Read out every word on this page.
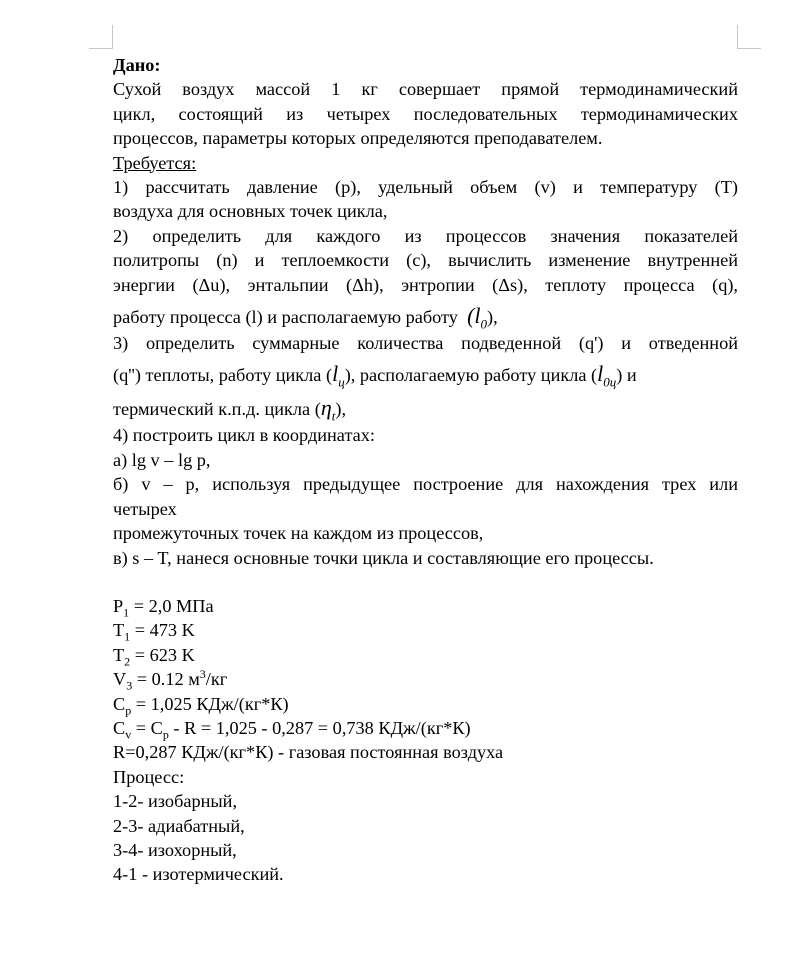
Дано:
Сухой воздух массой 1 кг совершает прямой термодинамический
цикл, состоящий из четырех последовательных термодинамических
процессов, параметры которых определяются преподавателем.
Требуется:
1) рассчитать давление (p), удельный объем (v) и температуру (T)
воздуха для основных точек цикла,
2) определить для каждого из процессов значения показателей
политропы (n) и теплоемкости (c), вычислить изменение внутренней
энергии (Δu), энтальпии (Δh), энтропии (Δs), теплоту процесса (q),
работу процесса (l) и располагаемую работу $(l_0)$,
3) определить суммарные количества подведенной (q') и отведенной
(q'') теплоты, работу цикла $(l_ц)$, располагаемую работу цикла $(l_{0ц})$ и
термический к.п.д. цикла $(\eta_t)$,
4) построить цикл в координатах:
а) lg v – lg p,
б) v – p, используя предыдущее построение для нахождения трех или
четырех
промежуточных точек на каждом из процессов,
в) s – T, нанеся основные точки цикла и составляющие его процессы.
$P_1 = 2,0$ МПа
$T_1 = 473$ K
$T_2 = 623$ K
$V_3 = 0.12$ $м^3/кг$
$C_p = 1,025$ КДж/(кг*К)
$C_v = C_p - R = 1,025 - 0,287 = 0,738$ КДж/(кг*К)
R=0,287 КДж/(кг*К) - газовая постоянная воздуха
Процесс:
1-2- изобарный,
2-3- адиабатный,
3-4- изохорный,
4-1 - изотермический.
